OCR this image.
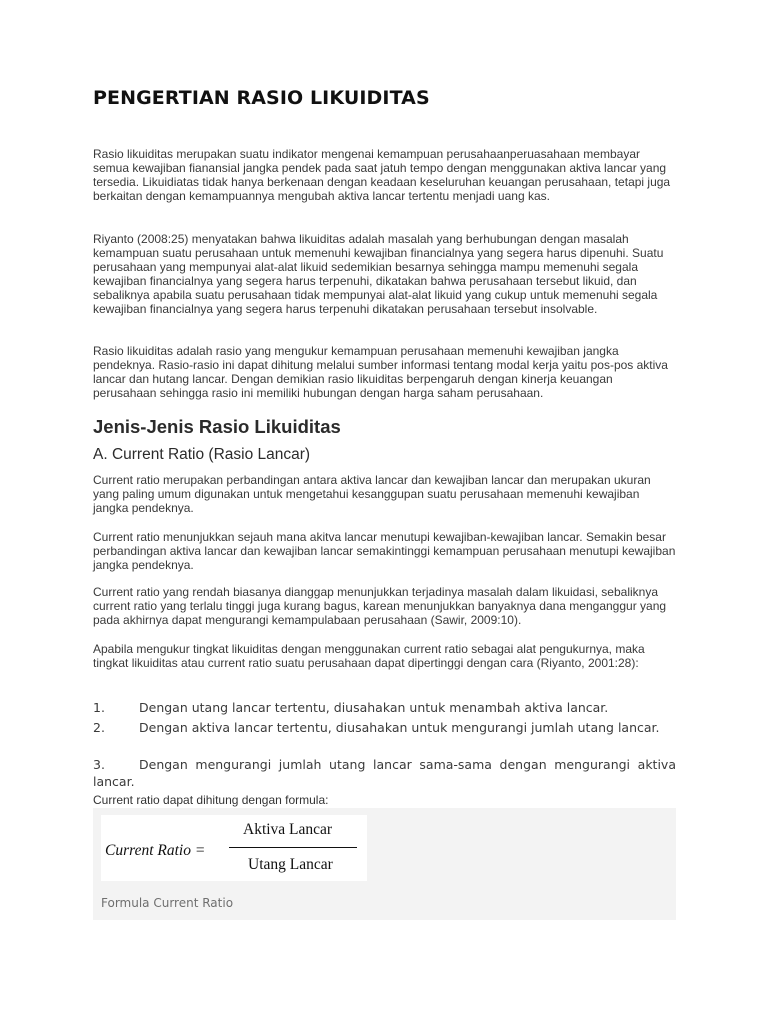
PENGERTIAN RASIO LIKUIDITAS

Rasio likuiditas merupakan suatu indikator mengenai kemampuan perusahaanperuasahaan membayar semua kewajiban fianansial jangka pendek pada saat jatuh tempo dengan menggunakan aktiva lancar yang tersedia. Likuidiatas tidak hanya berkenaan dengan keadaan keseluruhan keuangan perusahaan, tetapi juga berkaitan dengan kemampuannya mengubah aktiva lancar tertentu menjadi uang kas.

Riyanto (2008:25) menyatakan bahwa likuiditas adalah masalah yang berhubungan dengan masalah kemampuan suatu perusahaan untuk memenuhi kewajiban financialnya yang segera harus dipenuhi. Suatu perusahaan yang mempunyai alat-alat likuid sedemikian besarnya sehingga mampu memenuhi segala kewajiban financialnya yang segera harus terpenuhi, dikatakan bahwa perusahaan tersebut likuid, dan sebaliknya apabila suatu perusahaan tidak mempunyai alat-alat likuid yang cukup untuk memenuhi segala kewajiban financialnya yang segera harus terpenuhi dikatakan perusahaan tersebut insolvable.

Rasio likuiditas adalah rasio yang mengukur kemampuan perusahaan memenuhi kewajiban jangka pendeknya. Rasio-rasio ini dapat dihitung melalui sumber informasi tentang modal kerja yaitu pos-pos aktiva lancar dan hutang lancar. Dengan demikian rasio likuiditas berpengaruh dengan kinerja keuangan perusahaan sehingga rasio ini memiliki hubungan dengan harga saham perusahaan.

Jenis-Jenis Rasio Likuiditas
A. Current Ratio (Rasio Lancar)

Current ratio merupakan perbandingan antara aktiva lancar dan kewajiban lancar dan merupakan ukuran yang paling umum digunakan untuk mengetahui kesanggupan suatu perusahaan memenuhi kewajiban jangka pendeknya.

Current ratio menunjukkan sejauh mana akitva lancar menutupi kewajiban-kewajiban lancar. Semakin besar perbandingan aktiva lancar dan kewajiban lancar semakintinggi kemampuan perusahaan menutupi kewajiban jangka pendeknya.

Current ratio yang rendah biasanya dianggap menunjukkan terjadinya masalah dalam likuidasi, sebaliknya current ratio yang terlalu tinggi juga kurang bagus, karean menunjukkan banyaknya dana menganggur yang pada akhirnya dapat mengurangi kemampulabaan perusahaan (Sawir, 2009:10).

Apabila mengukur tingkat likuiditas dengan menggunakan current ratio sebagai alat pengukurnya, maka tingkat likuiditas atau current ratio suatu perusahaan dapat dipertinggi dengan cara (Riyanto, 2001:28):

1.	Dengan utang lancar tertentu, diusahakan untuk menambah aktiva lancar.

2.	Dengan aktiva lancar tertentu, diusahakan untuk mengurangi jumlah utang lancar.

3.	Dengan mengurangi jumlah utang lancar sama-sama dengan mengurangi aktiva lancar.

Current ratio dapat dihitung dengan formula:
Current Ratio =
Aktiva Lancar
Utang Lancar
Formula Current Ratio
